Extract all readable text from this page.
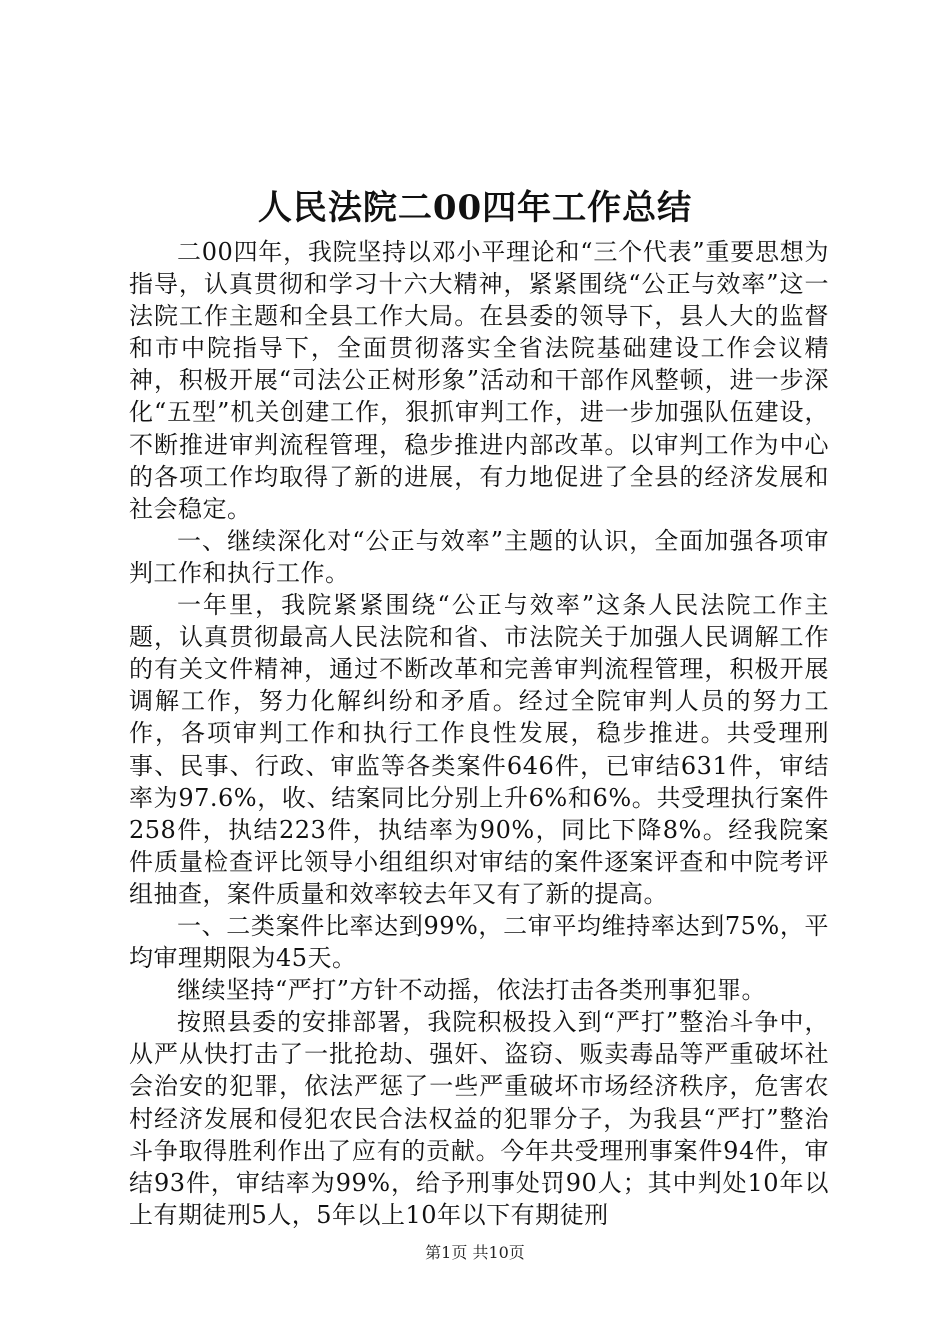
人民法院二00四年工作总结

二00四年，我院坚持以邓小平理论和“三个代表”重要思想为指导，认真贯彻和学习十六大精神，紧紧围绕“公正与效率”这一法院工作主题和全县工作大局。在县委的领导下，县人大的监督和市中院指导下，全面贯彻落实全省法院基础建设工作会议精神，积极开展“司法公正树形象”活动和干部作风整顿，进一步深化“五型”机关创建工作，狠抓审判工作，进一步加强队伍建设，不断推进审判流程管理，稳步推进内部改革。以审判工作为中心的各项工作均取得了新的进展，有力地促进了全县的经济发展和社会稳定。

一、继续深化对“公正与效率”主题的认识，全面加强各项审判工作和执行工作。

一年里，我院紧紧围绕“公正与效率”这条人民法院工作主题，认真贯彻最高人民法院和省、市法院关于加强人民调解工作的有关文件精神，通过不断改革和完善审判流程管理，积极开展调解工作，努力化解纠纷和矛盾。经过全院审判人员的努力工作，各项审判工作和执行工作良性发展，稳步推进。共受理刑事、民事、行政、审监等各类案件646件，已审结631件，审结率为97.6%，收、结案同比分别上升6%和6%。共受理执行案件258件，执结223件，执结率为90%，同比下降8%。经我院案件质量检查评比领导小组组织对审结的案件逐案评查和中院考评组抽查，案件质量和效率较去年又有了新的提高。

一、二类案件比率达到99%，二审平均维持率达到75%，平均审理期限为45天。

继续坚持“严打”方针不动摇，依法打击各类刑事犯罪。

按照县委的安排部署，我院积极投入到“严打”整治斗争中，从严从快打击了一批抢劫、强奸、盗窃、贩卖毒品等严重破坏社会治安的犯罪，依法严惩了一些严重破坏市场经济秩序，危害农村经济发展和侵犯农民合法权益的犯罪分子，为我县“严打”整治斗争取得胜利作出了应有的贡献。今年共受理刑事案件94件，审结93件，审结率为99%，给予刑事处罚90人；其中判处10年以上有期徒刑5人，5年以上10年以下有期徒刑

第1页 共10页
